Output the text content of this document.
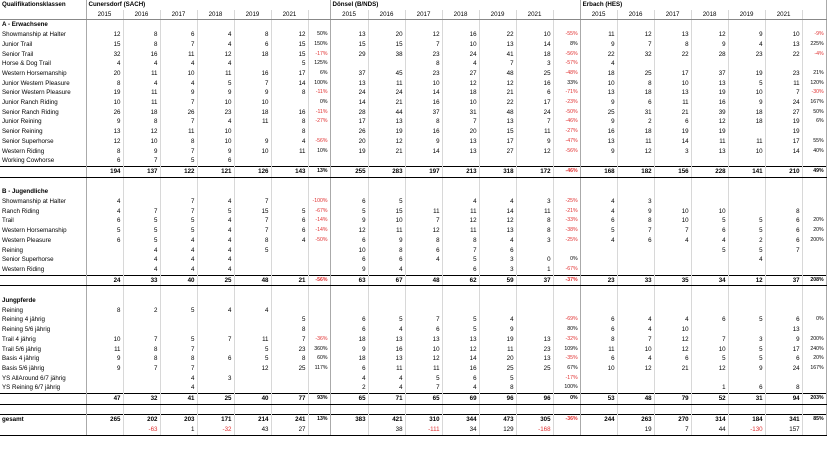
Qualifikationsklassen	Cunersdorf (SACH)							Dönsel (B/NDS)							Erbach (HES)						
	2015	2016	2017	2018	2019	2021		2015	2016	2017	2018	2019	2021		2015	2016	2017	2018	2019	2021	
A - Erwachsene																					
Showmanship at Halter	12	8	6	4	8	12	50%	13	20	12	16	22	10	-55%	11	12	13	12	9	10	-9%
Junior Trail	15	8	7	4	6	15	150%	15	15	7	10	13	14	8%	9	7	8	9	4	13	225%
Senior Trail	32	16	11	12	18	15	-17%	29	38	23	24	41	18	-56%	22	32	22	28	23	22	-4%
Horse & Dog Trail	4	4	4	4		5	125%			8	4	7	3	-57%	4						
Western Horsemanship	20	11	10	11	16	17	6%	37	45	23	27	48	25	-48%	18	25	17	37	19	23	21%
Junior Western Pleasure	8	4	4	5	7	14	100%	13	11	10	12	12	16	33%	10	8	10	13	5	11	120%
Senior Western Pleasure	19	11	9	9	9	8	-11%	24	24	14	18	21	6	-71%	13	18	13	19	10	7	-30%
Junior Ranch Riding	10	11	7	10	10		0%	14	21	16	10	22	17	-23%	9	6	11	16	9	24	167%
Senior Ranch Riding	26	18	26	23	18	16	-11%	28	44	37	31	48	24	-50%	25	31	21	39	18	27	50%
Junior Reining	9	8	7	4	11	8	-27%	17	13	8	7	13	7	-46%	9	2	6	12	18	19	6%
Senior Reining	13	12	11	10		8		26	19	16	20	15	11	-27%	16	18	19	19		19	
Senior Superhorse	12	10	8	10	9	4	-56%	20	12	9	13	17	9	-47%	13	11	14	11	11	17	55%
Western Riding	8	9	7	9	10	11	10%	19	21	14	13	27	12	-56%	9	12	3	13	10	14	40%
Working Cowhorse	6	7	5	6																	
	194	137	122	121	126	143	13%	255	283	197	213	318	172	-46%	168	182	156	228	141	210	49%

B - Jugendliche																					
Showmanship at Halter	4		7	4	7		-100%	6	5		4	4	3	-25%	4	3					
Ranch Riding	4	7	7	5	15	5	-67%	5	15	11	11	14	11	-21%	4	9	10	10		8	
Trail	6	5	5	4	7	6	-14%	9	10	7	12	12	8	-33%	6	8	10	5	5	6	20%
Western Horsemanship	5	5	5	4	7	6	-14%	12	11	12	11	13	8	-38%	5	7	7	6	5	6	20%
Western Pleasure	6	5	4	4	8	4	-50%	6	9	8	8	4	3	-25%	4	6	4	4	2	6	200%
Reining		4	4	4	5			10	8	6	7	6						5	5	7	
Senior Superhorse		4	4	4				6	6	4	5	3	0	0%					4		
Western Riding		4	4	4				9	4		6	3	1	-67%							
	24	33	40	25	48	21	-56%	63	67	48	62	59	37	-37%	23	33	35	34	12	37	208%

Jungpferde																					
Reining	8	2	5	4	4																
Reining 4 jährig						5		6	5	7	5	4		-69%	6	4	4	6	5	6	0%
Reining 5/6 jährig						8		6	4	6	5	9		80%	6	4	10			13	
Trail 4 jährig	10	7	5	7	11	7	-36%	18	13	13	13	19	13	-32%	8	7	12	7	3	9	200%
Trail 5/6 jährig	11	8	7		5	23	360%	9	16	10	12	11	23	109%	11	10	12	10	5	17	240%
Basis 4 jährig	9	8	8	6	5	8	60%	18	13	12	14	20	13	-35%	6	4	6	5	5	6	20%
Basis 5/6 jährig	9	7	7		12	25	117%	6	11	11	16	25	25	67%	10	12	21	12	9	24	167%
YS AllAround 6/7 jährig			4	3				4	4	5	6	5		-17%							
YS Reining 6/7 jährig			4					2	4	7	4	8		100%				1	6	8	
	47	32	41	25	40	77	93%	65	71	65	69	96	96	0%	53	48	79	52	31	94	203%

gesamt	265	202	203	171	214	241	13%	383	421	310	344	473	305	-36%	244	263	270	314	184	341	85%
		-63	1	-32	43	27			38	-111	34	129	-168			19	7	44	-130	157	
